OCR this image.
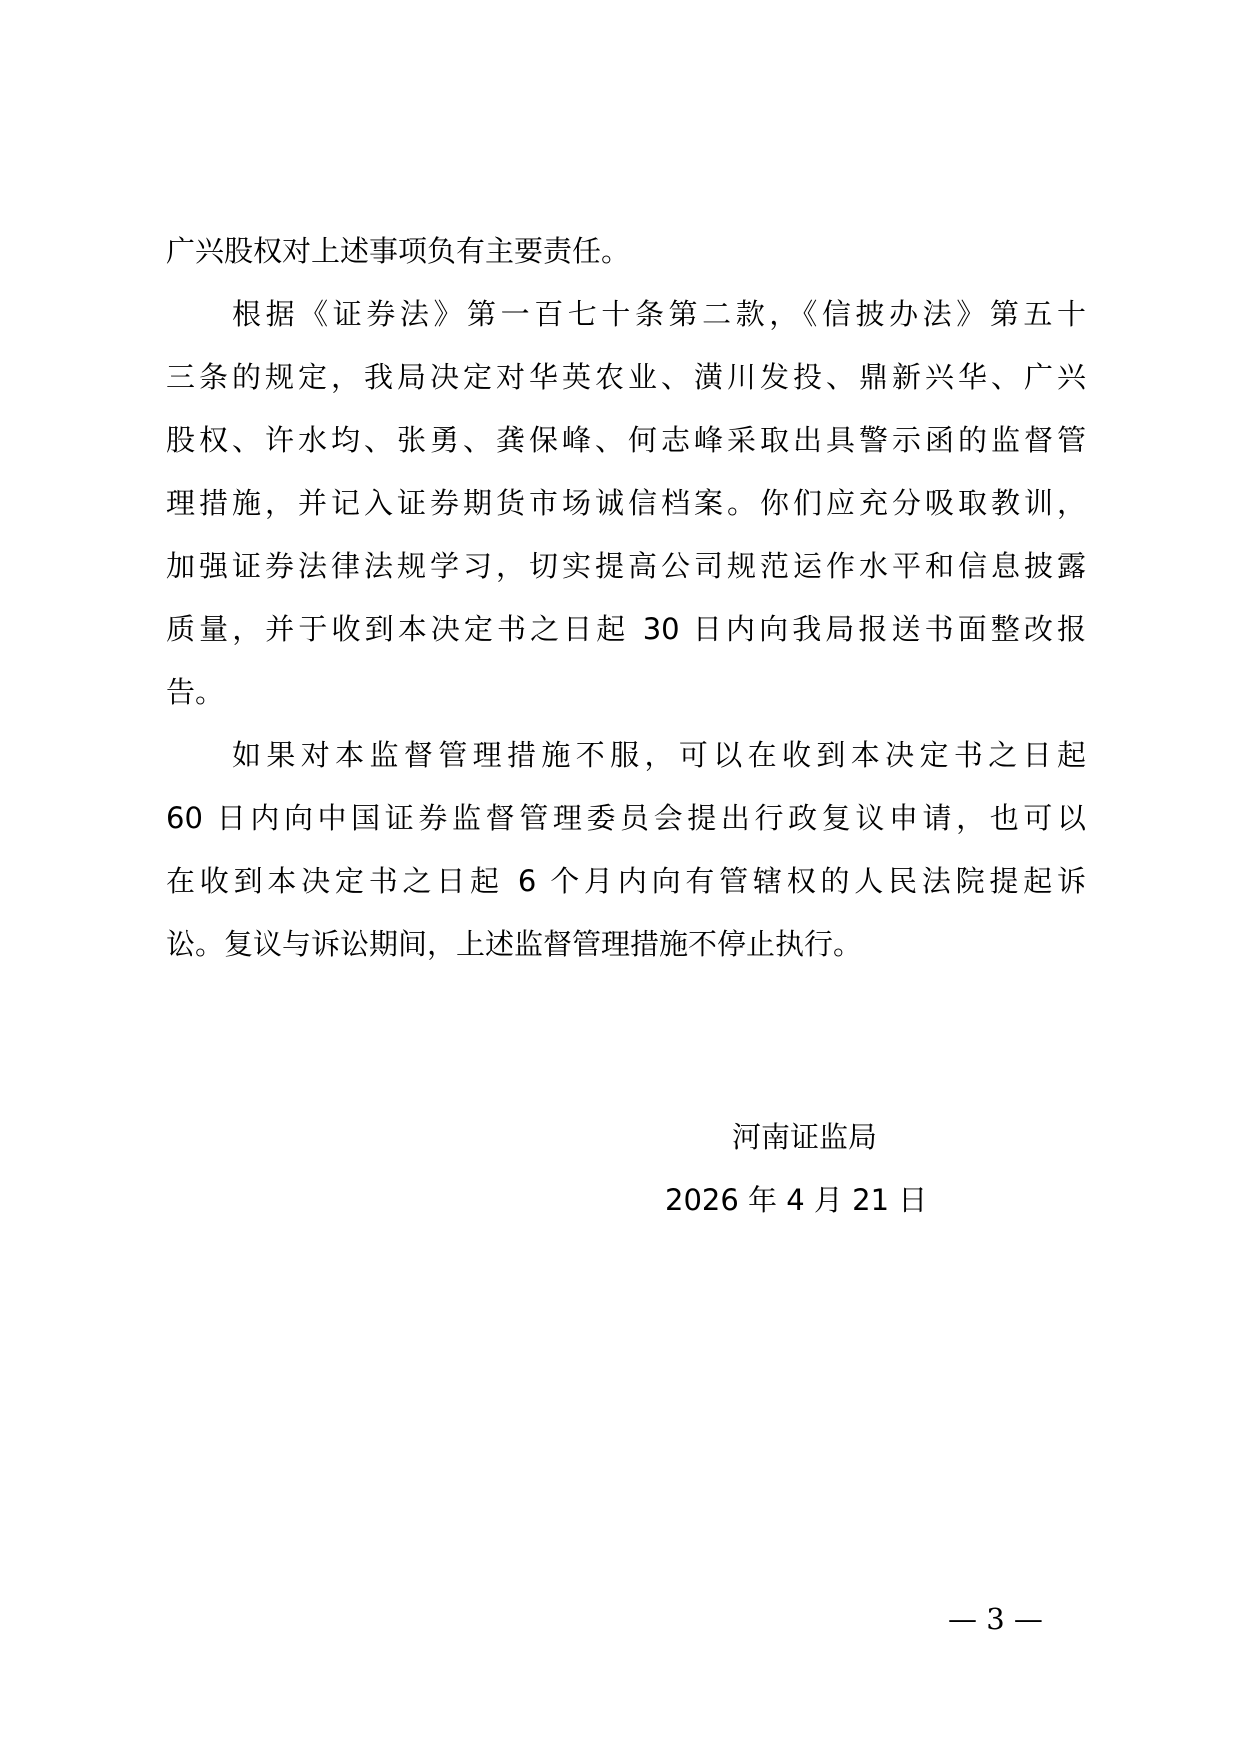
广兴股权对上述事项负有主要责任。
根据《证券法》第一百七十条第二款，《信披办法》第五十
三条的规定，我局决定对华英农业、潢川发投、鼎新兴华、广兴
股权、许水均、张勇、龚保峰、何志峰采取出具警示函的监督管
理措施，并记入证券期货市场诚信档案。你们应充分吸取教训，
加强证券法律法规学习，切实提高公司规范运作水平和信息披露
质量，并于收到本决定书之日起 30 日内向我局报送书面整改报
告。
如果对本监督管理措施不服，可以在收到本决定书之日起
60 日内向中国证券监督管理委员会提出行政复议申请，也可以
在收到本决定书之日起 6 个月内向有管辖权的人民法院提起诉
讼。复议与诉讼期间，上述监督管理措施不停止执行。
河南证监局
2026 年 4 月 21 日
— 3 —
